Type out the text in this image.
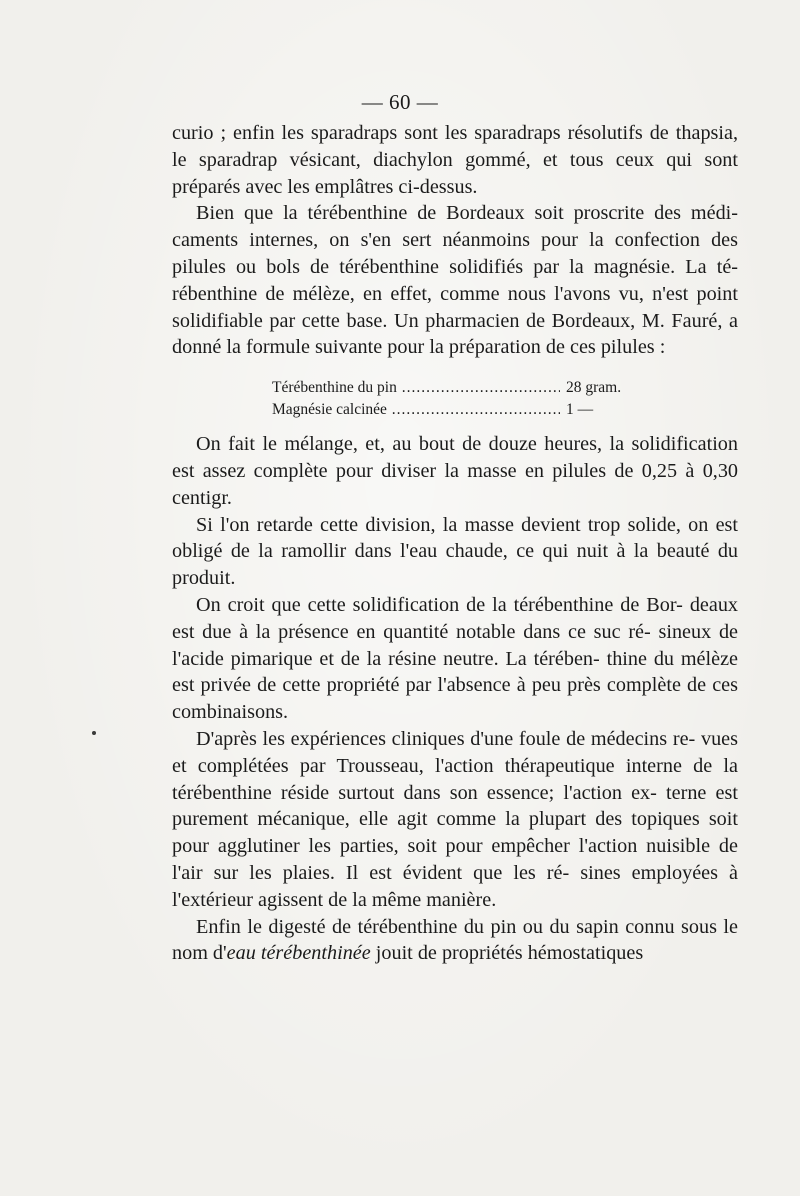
— 60 —

curio ; enfin les sparadraps sont les sparadraps résolutifs de thapsia, le sparadrap vésicant, diachylon gommé, et tous ceux qui sont préparés avec les emplâtres ci-dessus.

Bien que la térébenthine de Bordeaux soit proscrite des médi- caments internes, on s'en sert néanmoins pour la confection des pilules ou bols de térébenthine solidifiés par la magnésie. La té- rébenthine de mélèze, en effet, comme nous l'avons vu, n'est point solidifiable par cette base. Un pharmacien de Bordeaux, M. Fauré, a donné la formule suivante pour la préparation de ces pilules :

Térébenthine du pin .....	28 gram.
Magnésie calcinée .....	1 —

On fait le mélange, et, au bout de douze heures, la solidification est assez complète pour diviser la masse en pilules de 0,25 à 0,30 centigr.

Si l'on retarde cette division, la masse devient trop solide, on est obligé de la ramollir dans l'eau chaude, ce qui nuit à la beauté du produit.

On croit que cette solidification de la térébenthine de Bor- deaux est due à la présence en quantité notable dans ce suc ré- sineux de l'acide pimarique et de la résine neutre. La térében- thine du mélèze est privée de cette propriété par l'absence à peu près complète de ces combinaisons.

D'après les expériences cliniques d'une foule de médecins re- vues et complétées par Trousseau, l'action thérapeutique interne de la térébenthine réside surtout dans son essence; l'action ex- terne est purement mécanique, elle agit comme la plupart des topiques soit pour agglutiner les parties, soit pour empêcher l'action nuisible de l'air sur les plaies. Il est évident que les ré- sines employées à l'extérieur agissent de la même manière.

Enfin le digesté de térébenthine du pin ou du sapin connu sous le nom d'eau térébenthinée jouit de propriétés hémostatiques
